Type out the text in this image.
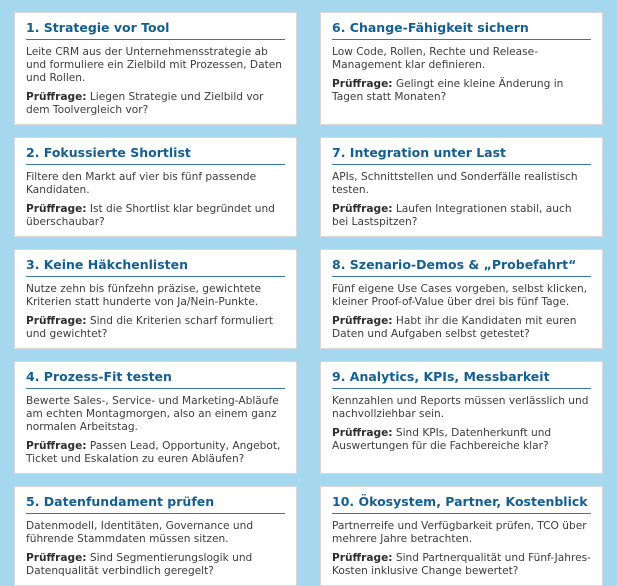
1. Strategie vor Tool

Leite CRM aus der Unternehmensstrategie ab und formuliere ein Zielbild mit Prozessen, Daten und Rollen.

Prüffrage: Liegen Strategie und Zielbild vor dem Toolvergleich vor?

2. Fokussierte Shortlist

Filtere den Markt auf vier bis fünf passende Kandidaten.

Prüffrage: Ist die Shortlist klar begründet und überschaubar?

3. Keine Häkchenlisten

Nutze zehn bis fünfzehn präzise, gewichtete Kriterien statt hunderte von Ja/Nein-Punkte.

Prüffrage: Sind die Kriterien scharf formuliert und gewichtet?

4. Prozess-Fit testen

Bewerte Sales-, Service- und Marketing-Abläufe am echten Montagmorgen, also an einem ganz normalen Arbeitstag.

Prüffrage: Passen Lead, Opportunity, Angebot, Ticket und Eskalation zu euren Abläufen?

5. Datenfundament prüfen

Datenmodell, Identitäten, Governance und führende Stammdaten müssen sitzen.

Prüffrage: Sind Segmentierungslogik und Datenqualität verbindlich geregelt?

6. Change-Fähigkeit sichern

Low Code, Rollen, Rechte und Release-Management klar definieren.

Prüffrage: Gelingt eine kleine Änderung in Tagen statt Monaten?

7. Integration unter Last

APIs, Schnittstellen und Sonderfälle realistisch testen.

Prüffrage: Laufen Integrationen stabil, auch bei Lastspitzen?

8. Szenario-Demos & „Probefahrt“

Fünf eigene Use Cases vorgeben, selbst klicken, kleiner Proof-of-Value über drei bis fünf Tage.

Prüffrage: Habt ihr die Kandidaten mit euren Daten und Aufgaben selbst getestet?

9. Analytics, KPIs, Messbarkeit

Kennzahlen und Reports müssen verlässlich und nachvollziehbar sein.

Prüffrage: Sind KPIs, Datenherkunft und Auswertungen für die Fachbereiche klar?

10. Ökosystem, Partner, Kostenblick

Partnerreife und Verfügbarkeit prüfen, TCO über mehrere Jahre betrachten.

Prüffrage: Sind Partnerqualität und Fünf-Jahres-Kosten inklusive Change bewertet?
